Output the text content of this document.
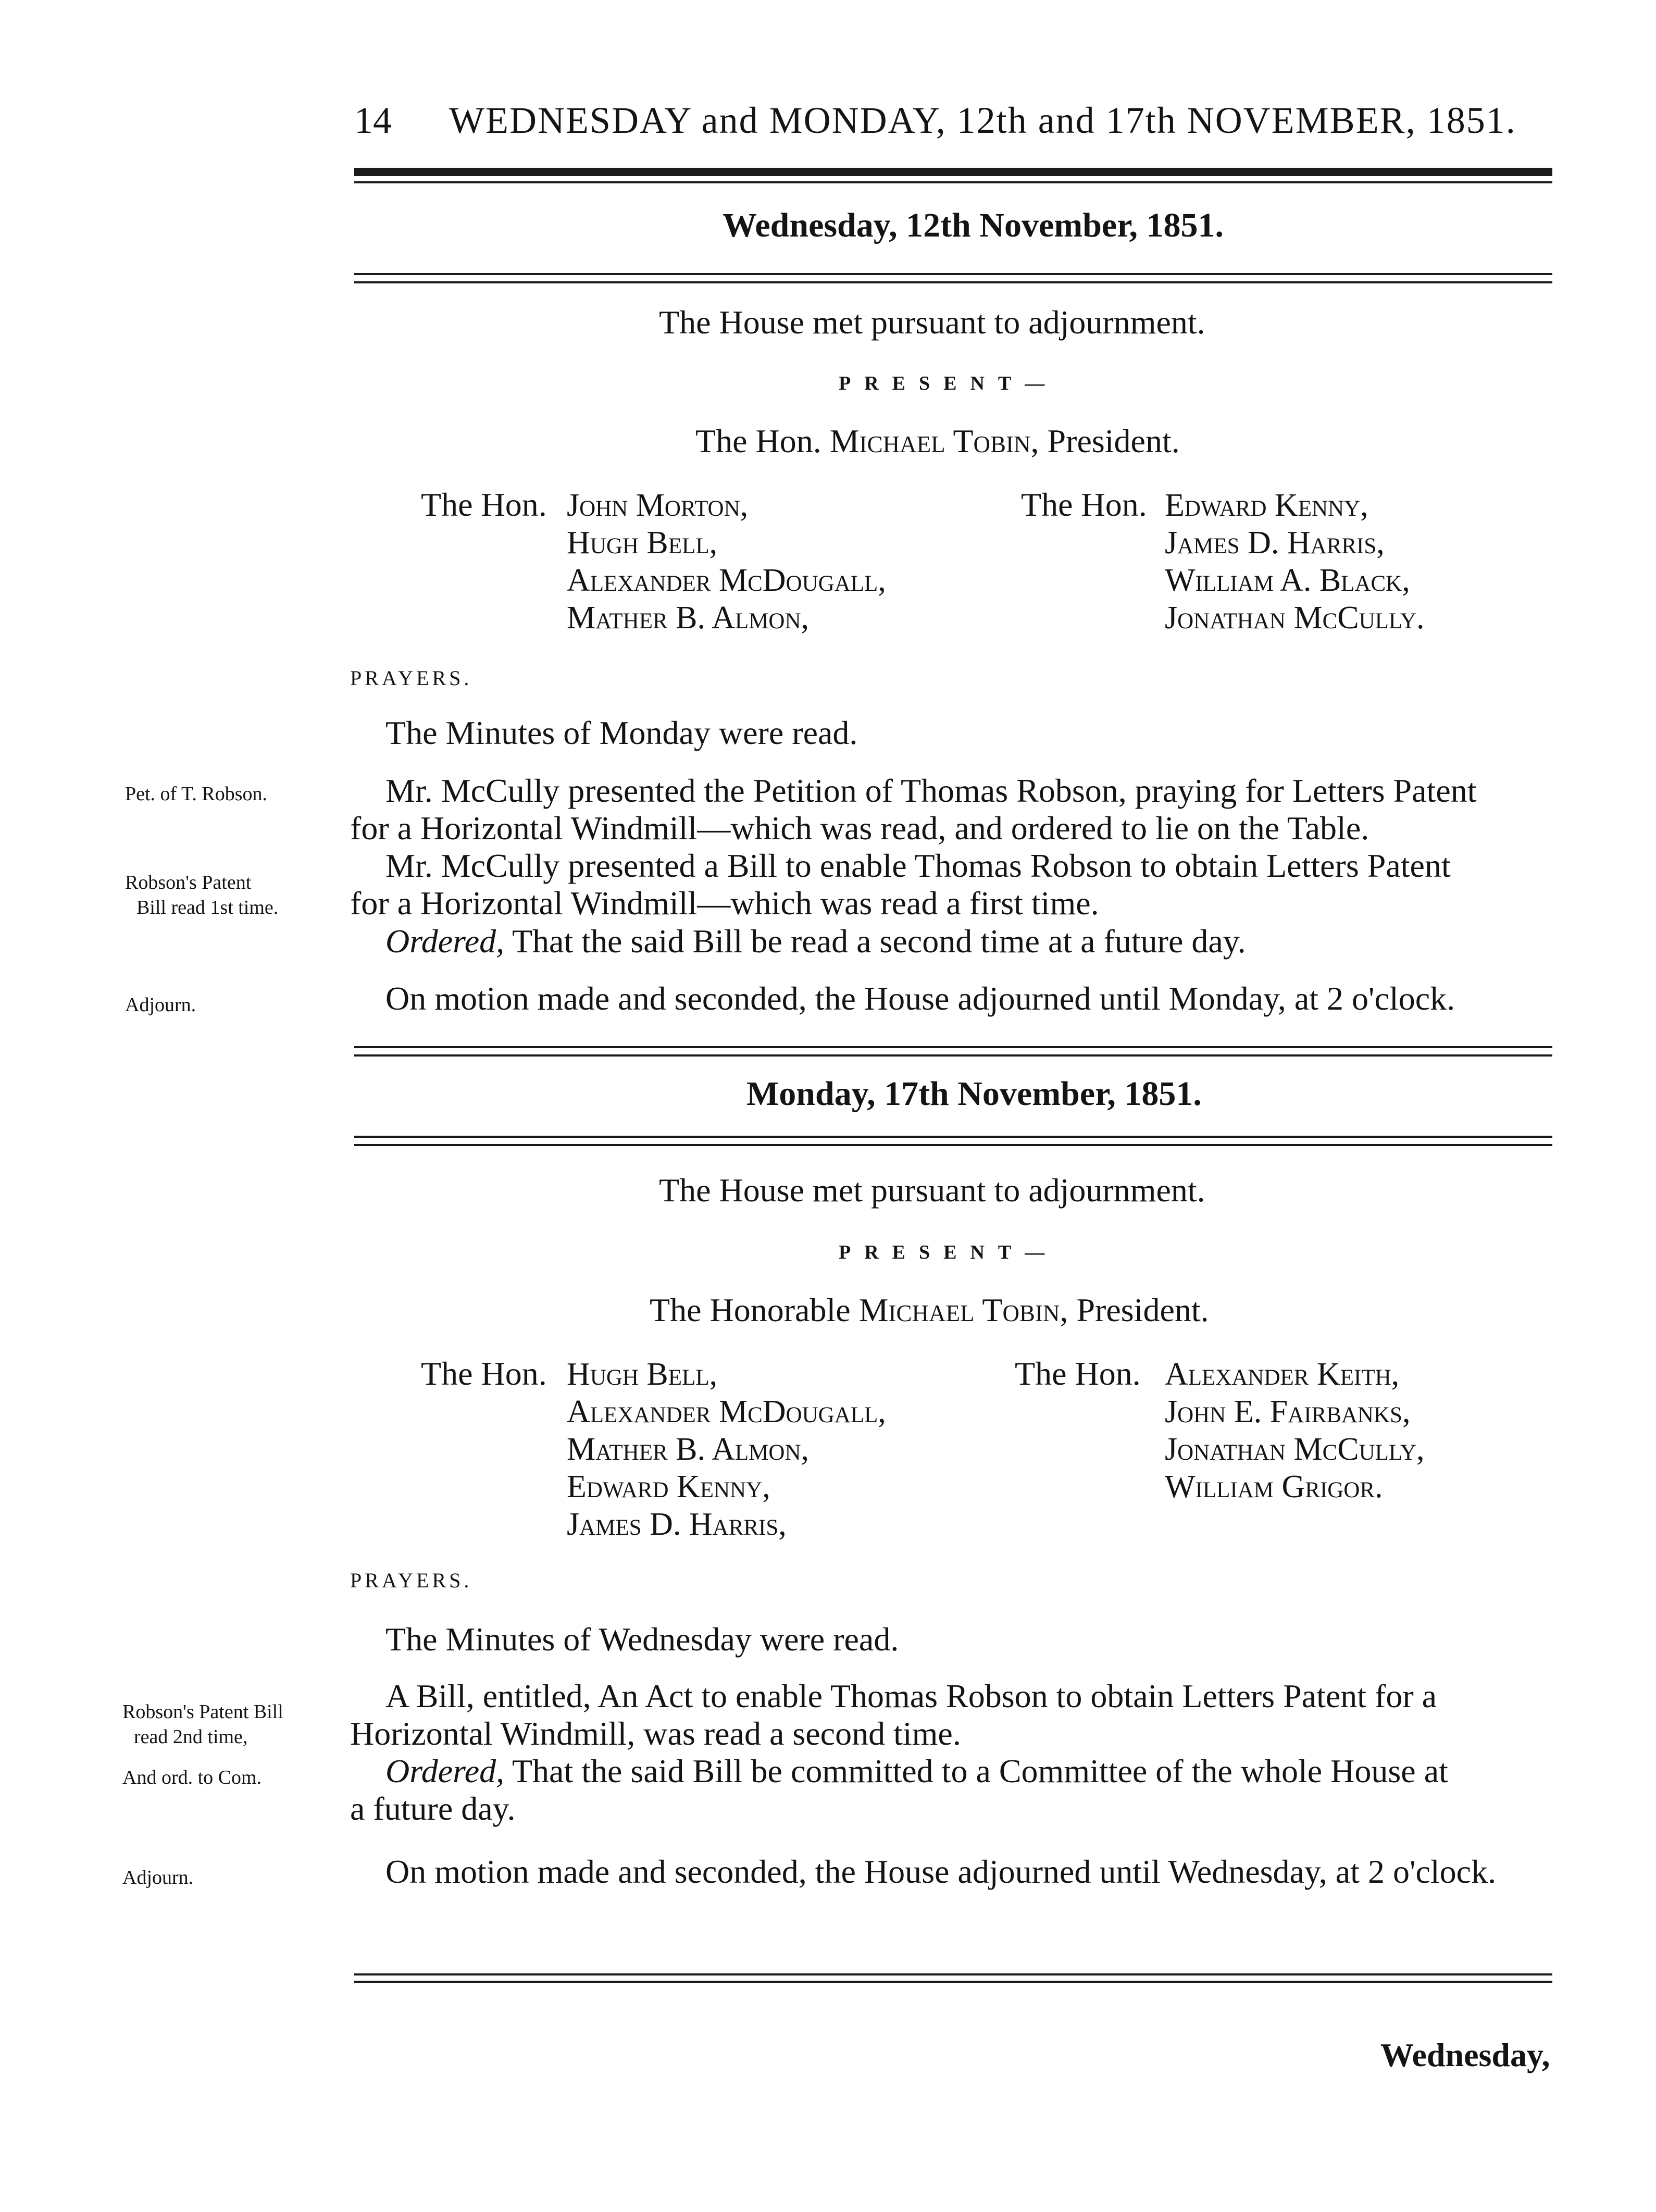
14 WEDNESDAY and MONDAY, 12th and 17th NOVEMBER, 1851.
Wednesday, 12th November, 1851.
The House met pursuant to adjournment.
PRESENT—
The Hon. Michael Tobin, President.
The Hon. John Morton,
Hugh Bell,
Alexander McDougall,
Mather B. Almon,
The Hon. Edward Kenny,
James D. Harris,
William A. Black,
Jonathan McCully.
PRAYERS.
The Minutes of Monday were read.
Pet. of T. Robson.	Mr. McCully presented the Petition of Thomas Robson, praying for Letters Patent
for a Horizontal Windmill—which was read, and ordered to lie on the Table.
Robson's Patent
Bill read 1st time.
Mr. McCully presented a Bill to enable Thomas Robson to obtain Letters Patent
for a Horizontal Windmill—which was read a first time.
Ordered, That the said Bill be read a second time at a future day.
Adjourn.	On motion made and seconded, the House adjourned until Monday, at 2 o'clock.
Monday, 17th November, 1851.
The House met pursuant to adjournment.
PRESENT—
The Honorable Michael Tobin, President.
The Hon. Hugh Bell,
Alexander McDougall,
Mather B. Almon,
Edward Kenny,
James D. Harris,
The Hon. Alexander Keith,
John E. Fairbanks,
Jonathan McCully,
William Grigor.
PRAYERS.
The Minutes of Wednesday were read.
Robson's Patent Bill
read 2nd time,
A Bill, entitled, An Act to enable Thomas Robson to obtain Letters Patent for a
Horizontal Windmill, was read a second time.
And ord. to Com.	Ordered, That the said Bill be committed to a Committee of the whole House at
a future day.
Adjourn.	On motion made and seconded, the House adjourned until Wednesday, at 2 o'clock.
Wednesday,
